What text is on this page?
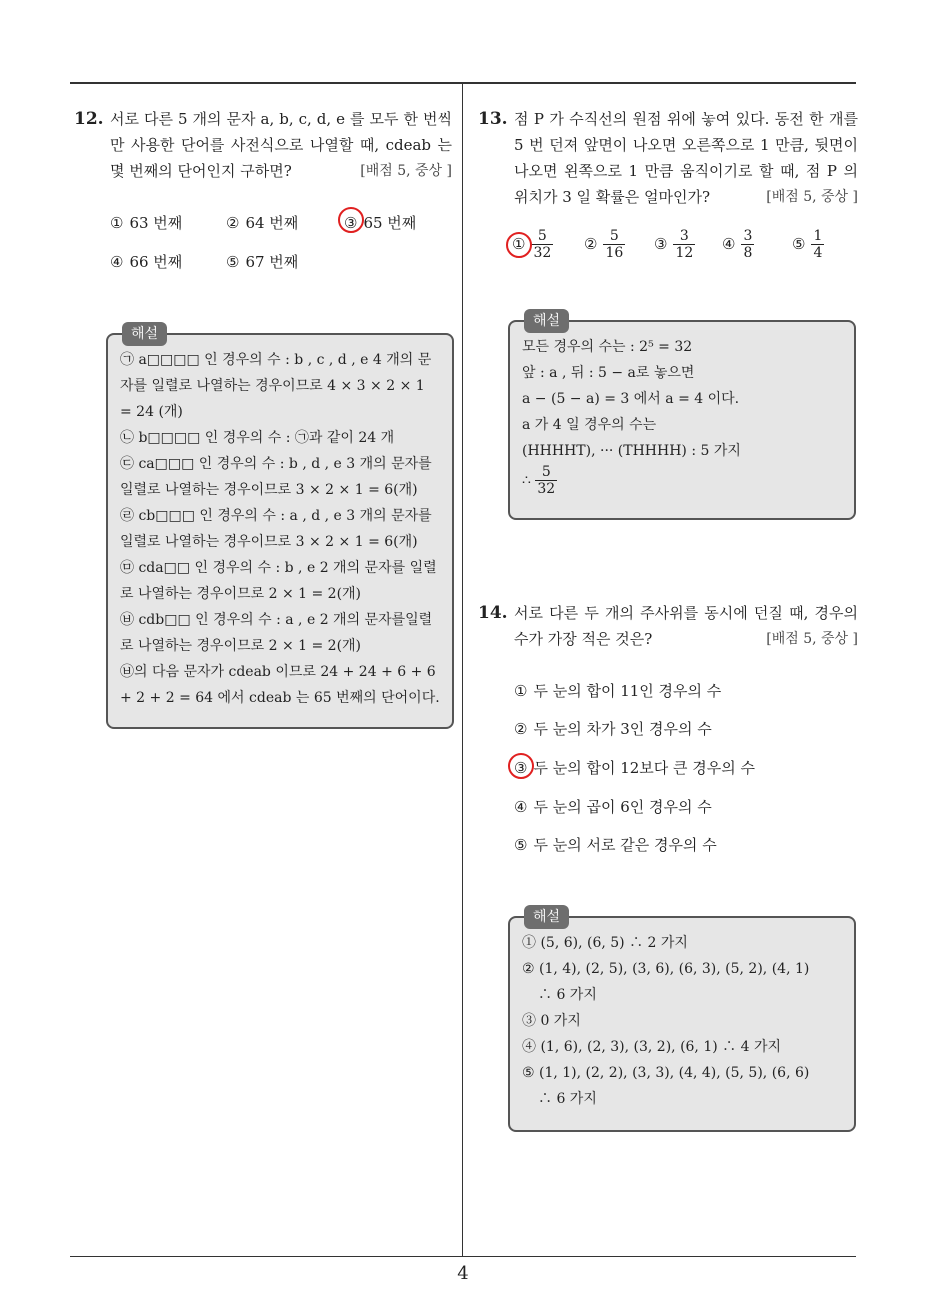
12. 서로 다른 5 개의 문자 a, b, c, d, e 를 모두 한 번씩 만 사용한 단어를 사전식으로 나열할 때, cdeab 는 몇 번째의 단어인지 구하면?	[배점 5, 중상 ]
① 63 번째	② 64 번째	③ 65 번째
④ 66 번째	⑤ 67 번째
해설

㉠ a□□□□ 인 경우의 수 : b , c , d , e 4 개의 문자를 일렬로 나열하는 경우이므로 4 × 3 × 2 × 1 = 24 (개)

㉡ b□□□□ 인 경우의 수 : ㉠과 같이 24 개

㉢ ca□□□ 인 경우의 수 : b , d , e 3 개의 문자를 일렬로 나열하는 경우이므로 3 × 2 × 1 = 6(개)

㉣ cb□□□ 인 경우의 수 : a , d , e 3 개의 문자를 일렬로 나열하는 경우이므로 3 × 2 × 1 = 6(개)

㉤ cda□□ 인 경우의 수 : b , e 2 개의 문자를 일렬로 나열하는 경우이므로 2 × 1 = 2(개)

㉥ cdb□□ 인 경우의 수 : a , e 2 개의 문자를일렬로 나열하는 경우이므로 2 × 1 = 2(개)

㉥의 다음 문자가 cdeab 이므로 24 + 24 + 6 + 6 + 2 + 2 = 64 에서 cdeab 는 65 번째의 단어이다.

13. 점 P 가 수직선의 원점 위에 놓여 있다. 동전 한 개를 5 번 던져 앞면이 나오면 오른쪽으로 1 만큼, 뒷면이 나오면 왼쪽으로 1 만큼 움직이기로 할 때, 점 P 의 위치가 3 일 확률은 얼마인가?	[배점 5, 중상 ]
① $\frac{5}{32}$ ② $\frac{5}{16}$ ③ $\frac{3}{12}$ ④ $\frac{3}{8}$	⑤ $\frac{1}{4}$
해설

모든 경우의 수는 : 2⁵ = 32

앞 : a , 뒤 : 5 − a로 놓으면

a − (5 − a) = 3 에서 a = 4 이다.

a 가 4 일 경우의 수는

(HHHHT), ··· (THHHH) : 5 가지

∴ $\frac{5}{32}$

14. 서로 다른 두 개의 주사위를 동시에 던질 때, 경우의 수가 가장 적은 것은?	[배점 5, 중상 ]
① 두 눈의 합이 11인 경우의 수
② 두 눈의 차가 3인 경우의 수
③ 두 눈의 합이 12보다 큰 경우의 수
④ 두 눈의 곱이 6인 경우의 수
⑤ 두 눈의 서로 같은 경우의 수
해설

① (5, 6), (6, 5) ∴ 2 가지

② (1, 4), (2, 5), (3, 6), (6, 3), (5, 2), (4, 1)

∴ 6 가지

③ 0 가지

④ (1, 6), (2, 3), (3, 2), (6, 1) ∴ 4 가지

⑤ (1, 1), (2, 2), (3, 3), (4, 4), (5, 5), (6, 6)

∴ 6 가지

4
